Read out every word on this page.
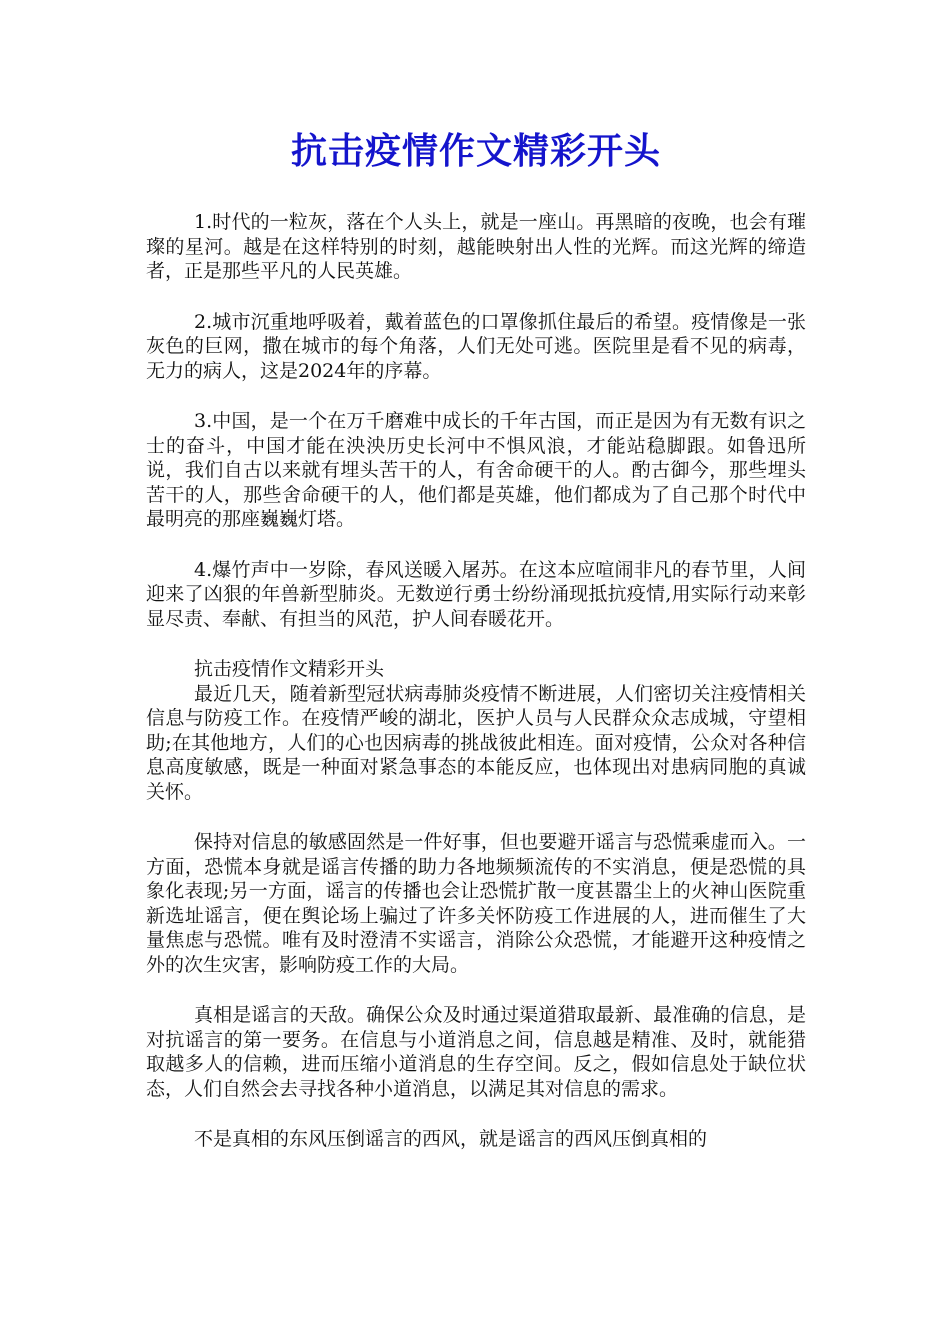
抗击疫情作文精彩开头

1.时代的一粒灰，落在个人头上，就是一座山。再黑暗的夜晚，也会有璀璨的星河。越是在这样特别的时刻，越能映射出人性的光辉。而这光辉的缔造者，正是那些平凡的人民英雄。

2.城市沉重地呼吸着，戴着蓝色的口罩像抓住最后的希望。疫情像是一张灰色的巨网，撒在城市的每个角落，人们无处可逃。医院里是看不见的病毒，无力的病人，这是2024年的序幕。

3.中国，是一个在万千磨难中成长的千年古国，而正是因为有无数有识之士的奋斗，中国才能在泱泱历史长河中不惧风浪，才能站稳脚跟。如鲁迅所说，我们自古以来就有埋头苦干的人，有舍命硬干的人。酌古御今，那些埋头苦干的人，那些舍命硬干的人，他们都是英雄，他们都成为了自己那个时代中最明亮的那座巍巍灯塔。

4.爆竹声中一岁除，春风送暖入屠苏。在这本应喧闹非凡的春节里，人间迎来了凶狠的年兽新型肺炎。无数逆行勇士纷纷涌现抵抗疫情,用实际行动来彰显尽责、奉献、有担当的风范，护人间春暖花开。

抗击疫情作文精彩开头

最近几天，随着新型冠状病毒肺炎疫情不断进展，人们密切关注疫情相关信息与防疫工作。在疫情严峻的湖北，医护人员与人民群众众志成城，守望相助;在其他地方，人们的心也因病毒的挑战彼此相连。面对疫情，公众对各种信息高度敏感，既是一种面对紧急事态的本能反应，也体现出对患病同胞的真诚关怀。

保持对信息的敏感固然是一件好事，但也要避开谣言与恐慌乘虚而入。一方面，恐慌本身就是谣言传播的助力各地频频流传的不实消息，便是恐慌的具象化表现;另一方面，谣言的传播也会让恐慌扩散一度甚嚣尘上的火神山医院重新选址谣言，便在舆论场上骗过了许多关怀防疫工作进展的人，进而催生了大量焦虑与恐慌。唯有及时澄清不实谣言，消除公众恐慌，才能避开这种疫情之外的次生灾害，影响防疫工作的大局。

真相是谣言的天敌。确保公众及时通过渠道猎取最新、最准确的信息，是对抗谣言的第一要务。在信息与小道消息之间，信息越是精准、及时，就能猎取越多人的信赖，进而压缩小道消息的生存空间。反之，假如信息处于缺位状态，人们自然会去寻找各种小道消息，以满足其对信息的需求。

不是真相的东风压倒谣言的西风，就是谣言的西风压倒真相的
